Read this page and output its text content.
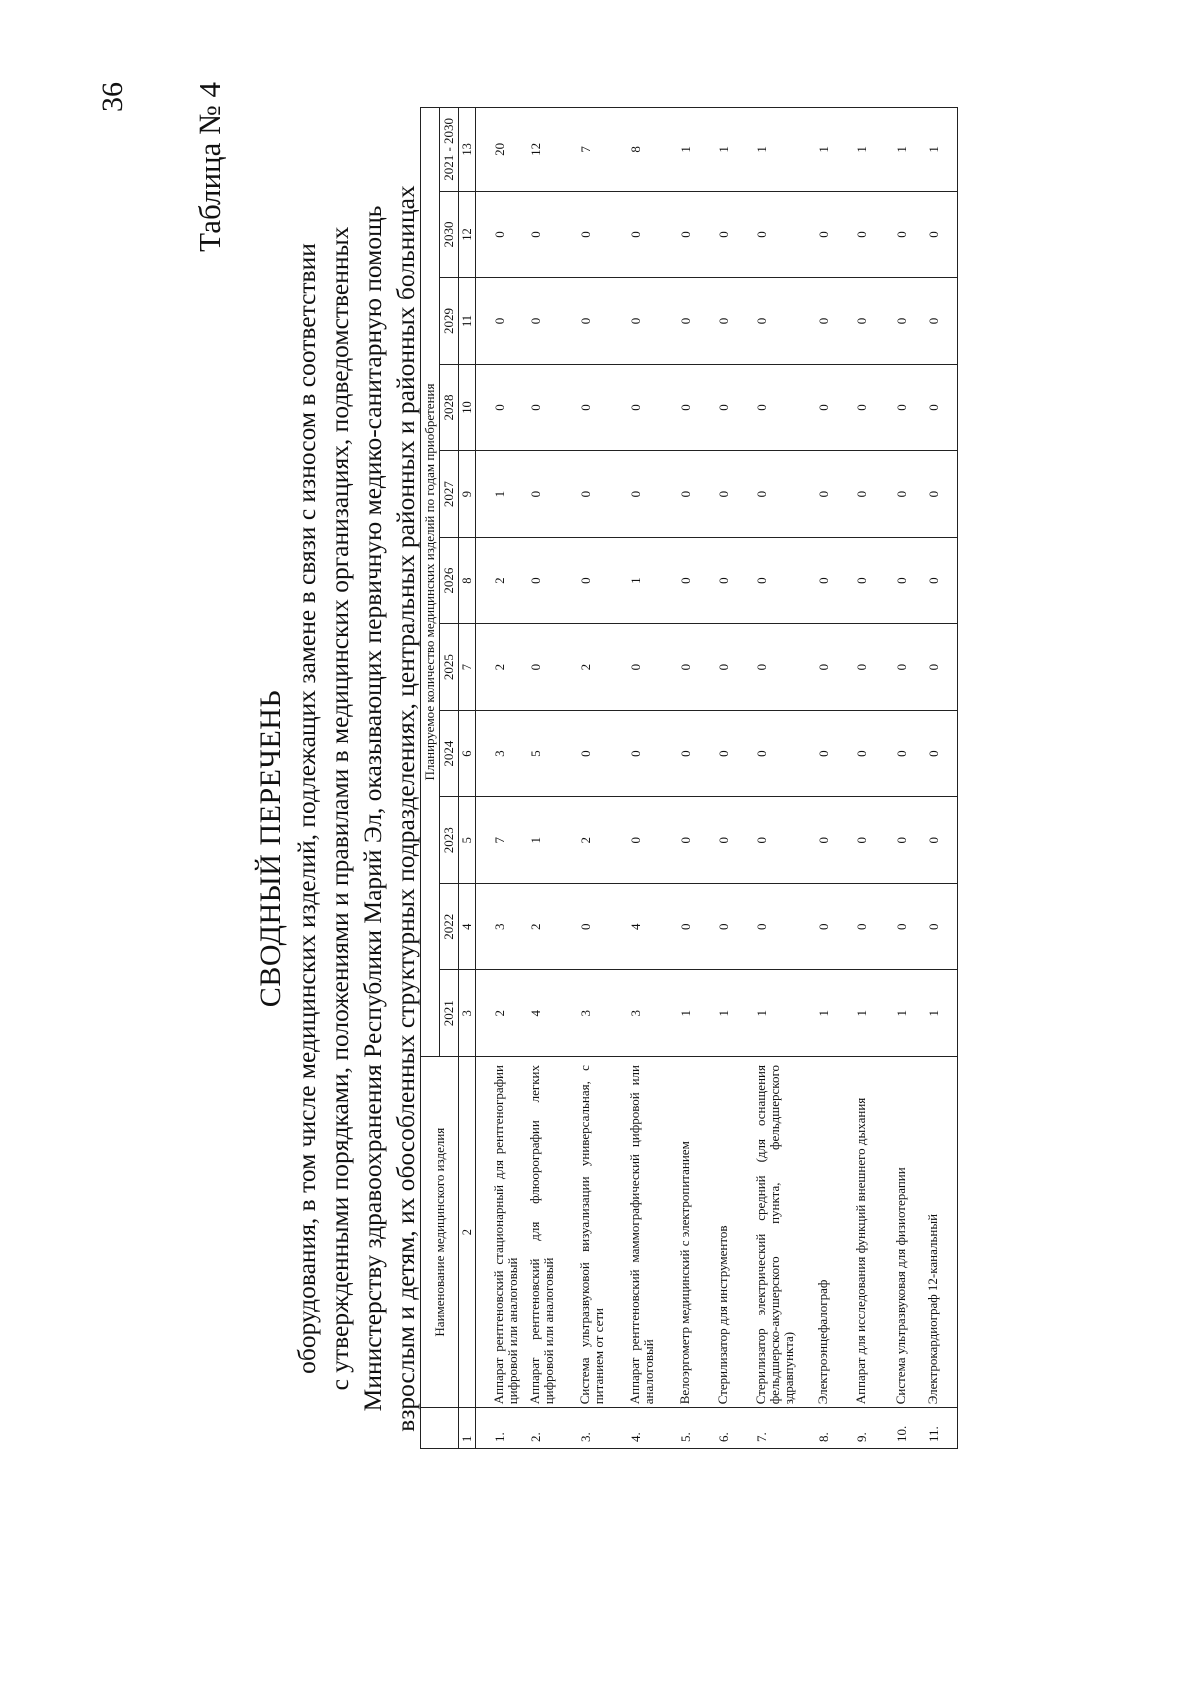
36 Таблица № 4
СВОДНЫЙ ПЕРЕЧЕНЬ оборудования, в том числе медицинских изделий, подлежащих замене в связи с износом в соответствии с утвержденными порядками, положениями и правилами в медицинских организациях, подведомственных Министерству здравоохранения Республики Марий Эл, оказывающих первичную медико-санитарную помощь взрослым и детям, их обособленных структурных подразделениях, центральных районных и районных больницах
	Наименование медицинского изделия	Планируемое количество медицинских изделий по годам приобретения										
		2021	2022	2023	2024	2025	2026	2027	2028	2029	2030	2021 - 2030
1	2	3	4	5	6	7	8	9	10	11	12	13
1.	Аппарат рентгеновский стационарный для рентгенографии цифровой или аналоговый	2	3	7	3	2	2	1	0	0	0	20
2.	Аппарат рентгеновский для флюорографии легких цифровой или аналоговый	4	2	1	5	0	0	0	0	0	0	12
3.	Система ультразвуковой визуализации универсальная, с питанием от сети	3	0	2	0	2	0	0	0	0	0	7
4.	Аппарат рентгеновский маммографический цифровой или аналоговый	3	4	0	0	0	1	0	0	0	0	8
5.	Велоэргометр медицинский с электропитанием	1	0	0	0	0	0	0	0	0	0	1
6.	Стерилизатор для инструментов	1	0	0	0	0	0	0	0	0	0	1
7.	Стерилизатор электрический средний (для оснащения фельдшерско-акушерского пункта, фельдшерского здравпункта)	1	0	0	0	0	0	0	0	0	0	1
8.	Электроэнцефалограф	1	0	0	0	0	0	0	0	0	0	1
9.	Аппарат для исследования функций внешнего дыхания	1	0	0	0	0	0	0	0	0	0	1
10.	Система ультразвуковая для физиотерапии	1	0	0	0	0	0	0	0	0	0	1
11.	Электрокардиограф 12-канальный	1	0	0	0	0	0	0	0	0	0	1
